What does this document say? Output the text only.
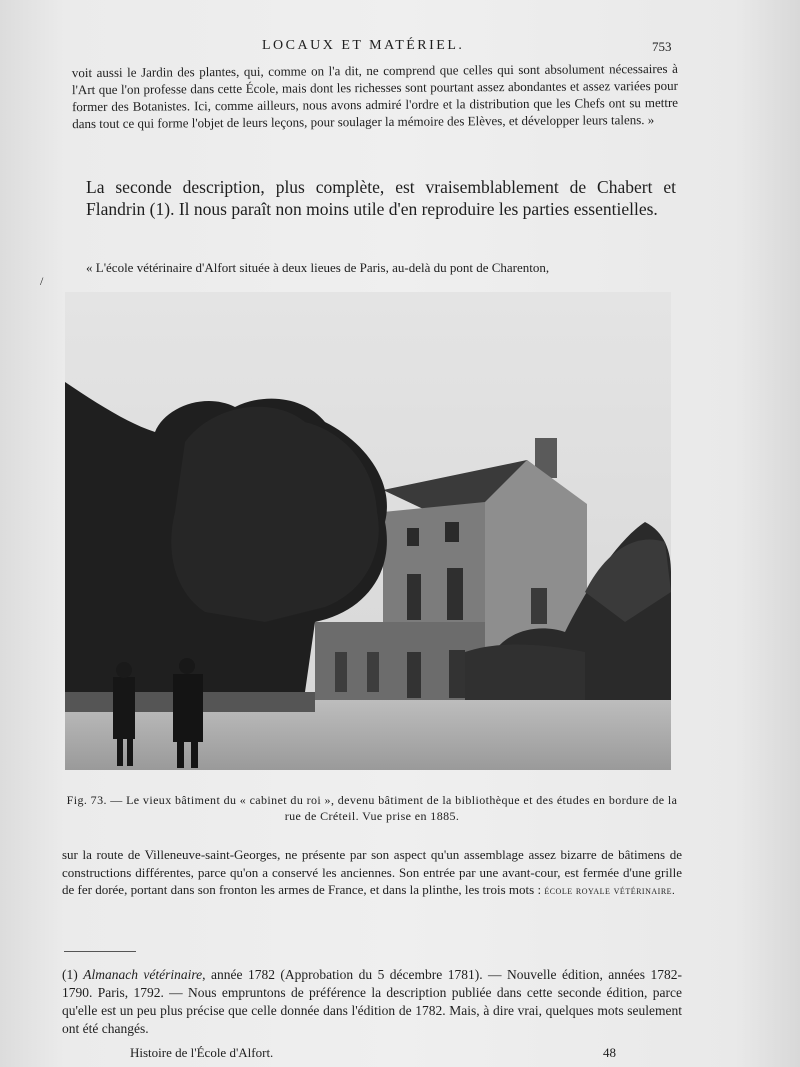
LOCAUX ET MATÉRIEL.	753

voit aussi le Jardin des plantes, qui, comme on l'a dit, ne comprend que celles qui sont absolument nécessaires à l'Art que l'on professe dans cette École, mais dont les richesses sont pourtant assez abondantes et assez variées pour former des Botanistes. Ici, comme ailleurs, nous avons admiré l'ordre et la distribution que les Chefs ont su mettre dans tout ce qui forme l'objet de leurs leçons, pour soulager la mémoire des Elèves, et développer leurs talens. »

La seconde description, plus complète, est vraisemblablement de Chabert et Flandrin (1). Il nous paraît non moins utile d'en reproduire les parties essentielles.

/

« L'école vétérinaire d'Alfort située à deux lieues de Paris, au-delà du pont de Charenton,

Fig. 73. — Le vieux bâtiment du « cabinet du roi », devenu bâtiment de la bibliothèque et des études en bordure de la rue de Créteil. Vue prise en 1885.

sur la route de Villeneuve-saint-Georges, ne présente par son aspect qu'un assemblage assez bizarre de bâtimens de constructions différentes, parce qu'on a conservé les anciennes. Son entrée par une avant-cour, est fermée d'une grille de fer dorée, portant dans son fronton les armes de France, et dans la plinthe, les trois mots : école royale vétérinaire.

(1) Almanach vétérinaire, année 1782 (Approbation du 5 décembre 1781). — Nouvelle édition, années 1782-1790. Paris, 1792. — Nous empruntons de préférence la description publiée dans cette seconde édition, parce qu'elle est un peu plus précise que celle donnée dans l'édition de 1782. Mais, à dire vrai, quelques mots seulement ont été changés.

Histoire de l'École d'Alfort.	48
